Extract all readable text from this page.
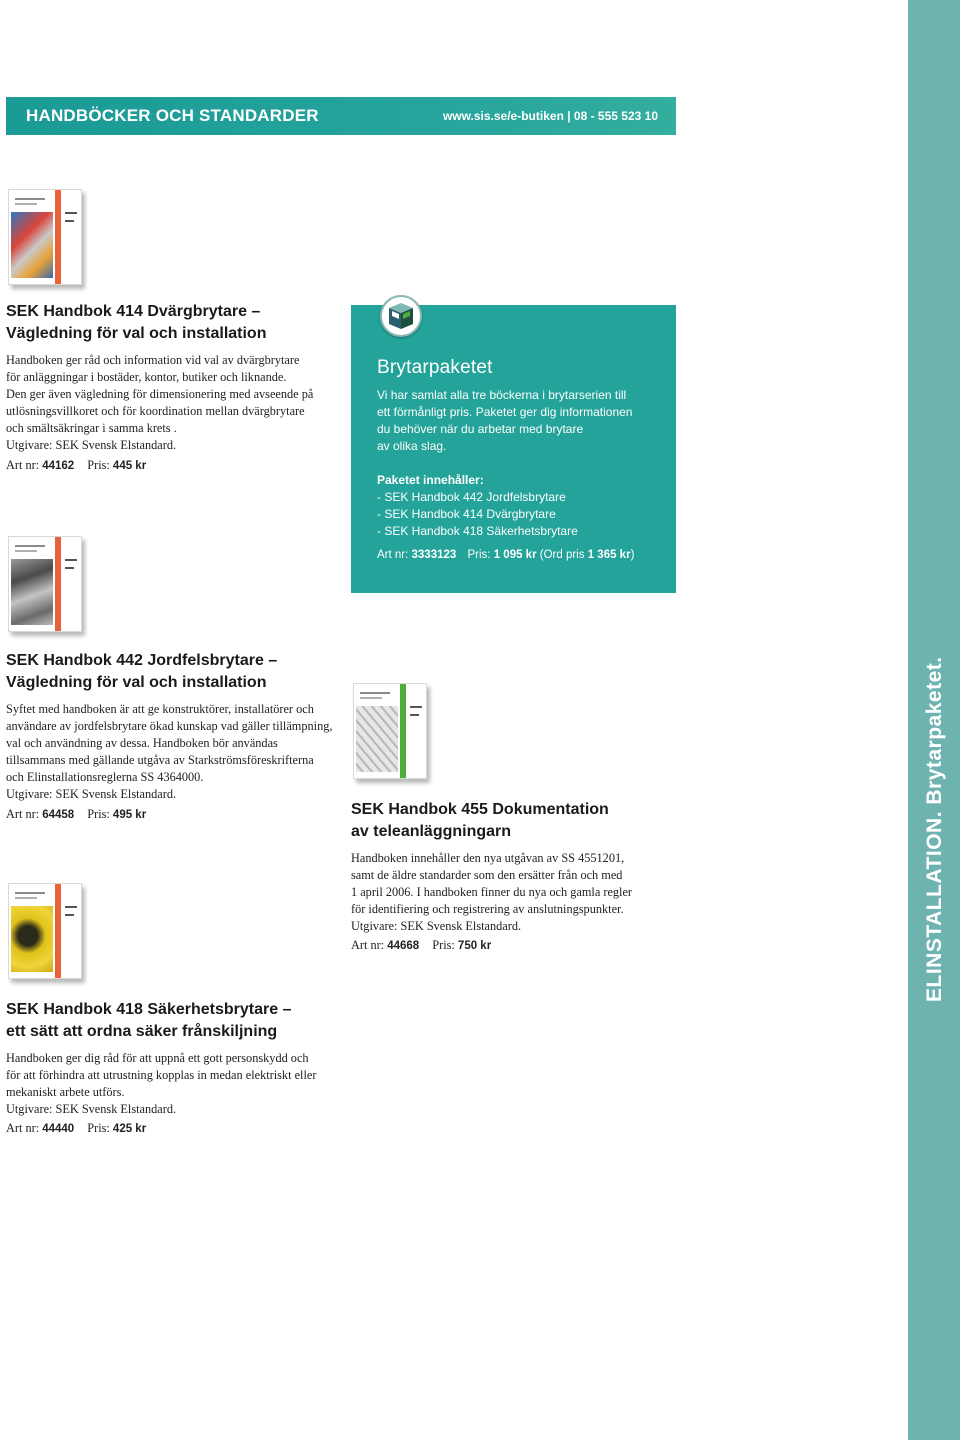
HANDBÖCKER OCH STANDARDER	www.sis.se/e-butiken | 08 - 555 523 10
ELINSTALLATION. Brytarpaketet.
SEK Handbok 414 Dvärgbrytare –
Vägledning för val och installation

Handboken ger råd och information vid val av dvärgbrytare

för anläggningar i bostäder, kontor, butiker och liknande.

Den ger även vägledning för dimensionering med avseende på

utlösningsvillkoret och för koordination mellan dvärgbrytare

och smältsäkringar i samma krets .

Utgivare: SEK Svensk Elstandard.

Art nr: 44162 Pris: 445 kr
SEK Handbok 442 Jordfelsbrytare –
Vägledning för val och installation

Syftet med handboken är att ge konstruktörer, installatörer och

användare av jordfelsbrytare ökad kunskap vad gäller tillämpning,

val och användning av dessa. Handboken bör användas

tillsammans med gällande utgåva av Starkströmsföreskrifterna

och Elinstallationsreglerna SS 4364000.

Utgivare: SEK Svensk Elstandard.

Art nr: 64458 Pris: 495 kr
SEK Handbok 418 Säkerhetsbrytare –
ett sätt att ordna säker frånskiljning

Handboken ger dig råd för att uppnå ett gott personskydd och

för att förhindra att utrustning kopplas in medan elektriskt eller

mekaniskt arbete utförs.

Utgivare: SEK Svensk Elstandard.

Art nr: 44440 Pris: 425 kr
Brytarpaketet
Vi har samlat alla tre böckerna i brytarserien till
ett förmånligt pris. Paketet ger dig informationen
du behöver när du arbetar med brytare
av olika slag.
Paketet innehåller:
- SEK Handbok 442 Jordfelsbrytare
- SEK Handbok 414 Dvärgbrytare
- SEK Handbok 418 Säkerhetsbrytare
Art nr: 3333123 Pris: 1 095 kr (Ord pris 1 365 kr)
SEK Handbok 455 Dokumentation
av teleanläggningarn

Handboken innehåller den nya utgåvan av SS 4551201,

samt de äldre standarder som den ersätter från och med

1 april 2006. I handboken finner du nya och gamla regler

för identifiering och registrering av anslutningspunkter.

Utgivare: SEK Svensk Elstandard.

Art nr: 44668 Pris: 750 kr
